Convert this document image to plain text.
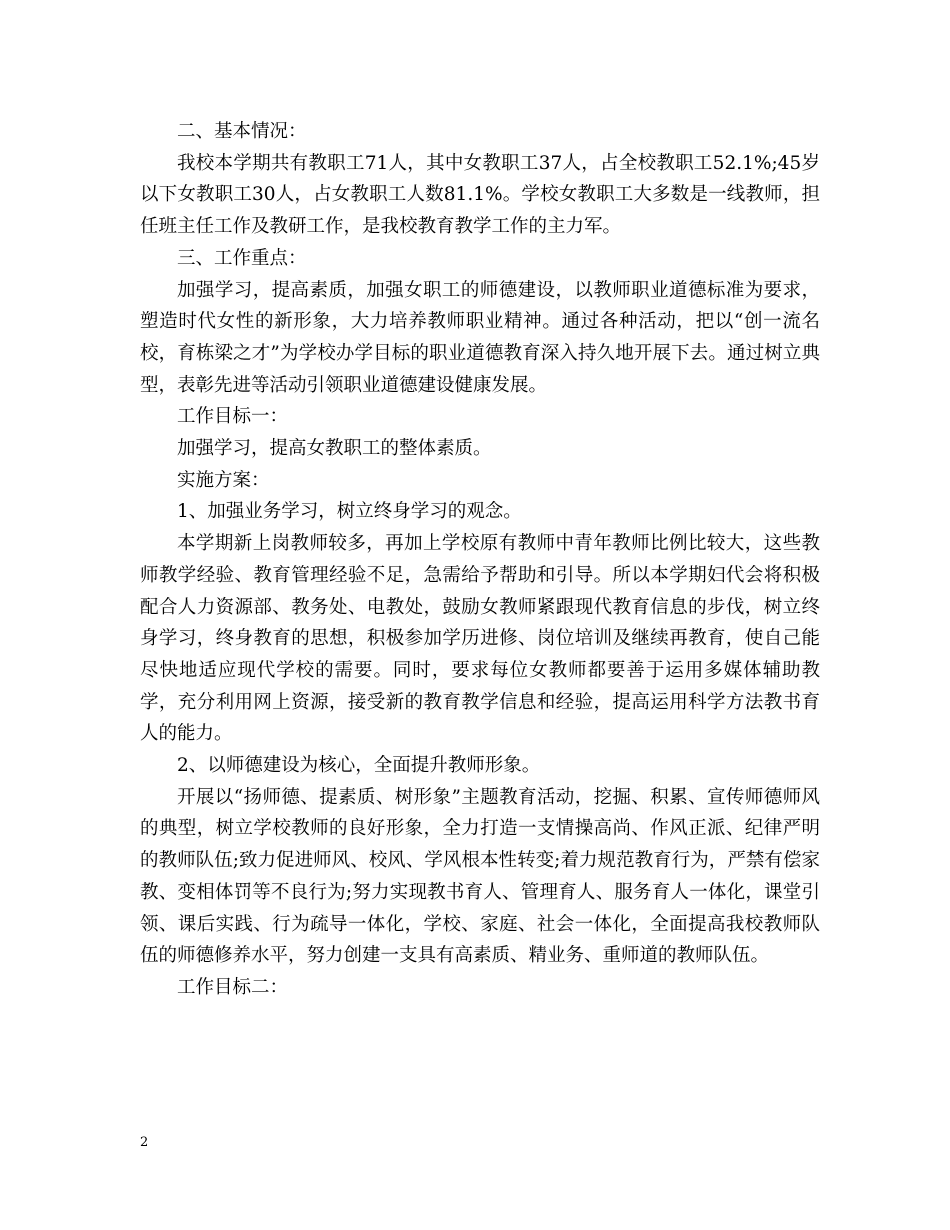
二、基本情况：

我校本学期共有教职工71人，其中女教职工37人，占全校教职工52.1%;45岁以下女教职工30人，占女教职工人数81.1%。学校女教职工大多数是一线教师，担任班主任工作及教研工作，是我校教育教学工作的主力军。

三、工作重点：

加强学习，提高素质，加强女职工的师德建设，以教师职业道德标准为要求，塑造时代女性的新形象，大力培养教师职业精神。通过各种活动，把以“创一流名校，育栋梁之才”为学校办学目标的职业道德教育深入持久地开展下去。通过树立典型，表彰先进等活动引领职业道德建设健康发展。

工作目标一：

加强学习，提高女教职工的整体素质。

实施方案：

1、加强业务学习，树立终身学习的观念。

本学期新上岗教师较多，再加上学校原有教师中青年教师比例比较大，这些教师教学经验、教育管理经验不足，急需给予帮助和引导。所以本学期妇代会将积极配合人力资源部、教务处、电教处，鼓励女教师紧跟现代教育信息的步伐，树立终身学习，终身教育的思想，积极参加学历进修、岗位培训及继续再教育，使自己能尽快地适应现代学校的需要。同时，要求每位女教师都要善于运用多媒体辅助教学，充分利用网上资源，接受新的教育教学信息和经验，提高运用科学方法教书育人的能力。

2、以师德建设为核心，全面提升教师形象。

开展以“扬师德、提素质、树形象”主题教育活动，挖掘、积累、宣传师德师风的典型，树立学校教师的良好形象，全力打造一支情操高尚、作风正派、纪律严明的教师队伍;致力促进师风、校风、学风根本性转变;着力规范教育行为，严禁有偿家教、变相体罚等不良行为;努力实现教书育人、管理育人、服务育人一体化，课堂引领、课后实践、行为疏导一体化，学校、家庭、社会一体化，全面提高我校教师队伍的师德修养水平，努力创建一支具有高素质、精业务、重师道的教师队伍。

工作目标二：

2
